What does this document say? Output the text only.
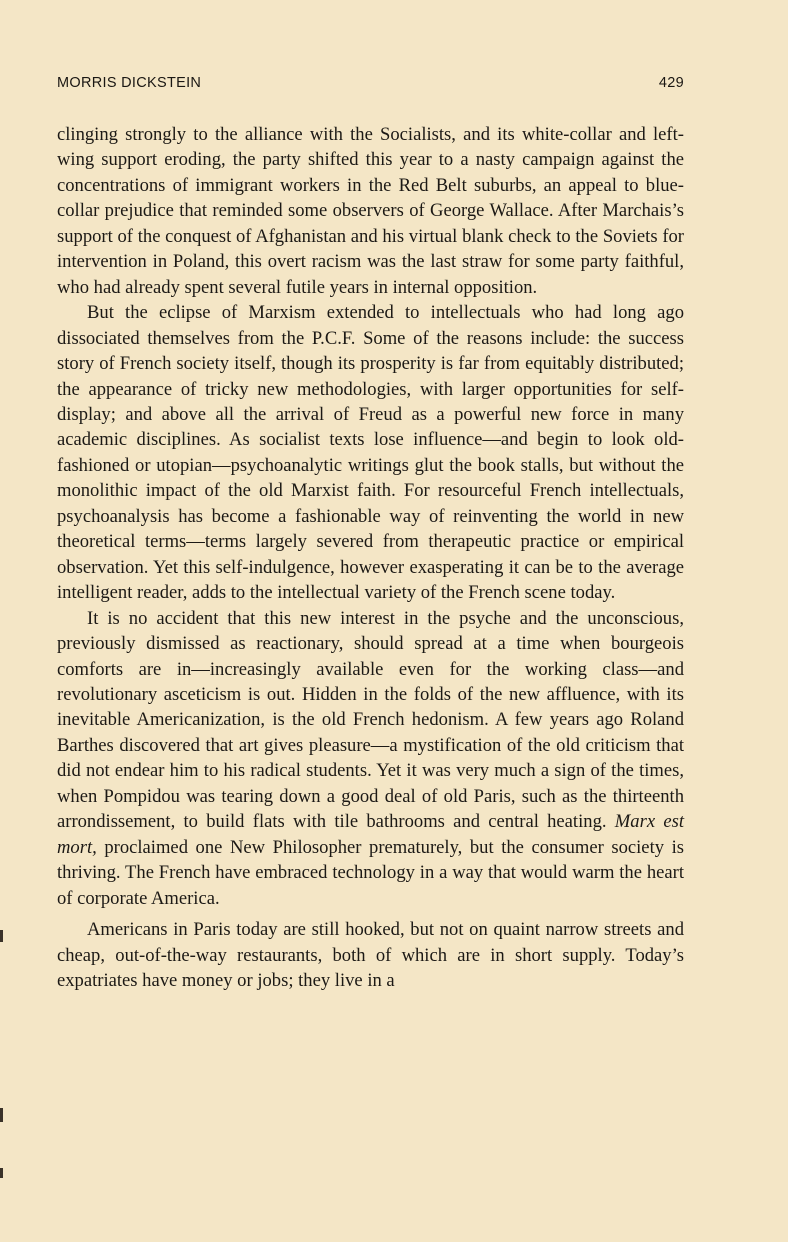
MORRIS DICKSTEIN	429

clinging strongly to the alliance with the Socialists, and its white-collar and left-wing support eroding, the party shifted this year to a nasty campaign against the concentrations of immigrant workers in the Red Belt suburbs, an appeal to blue-collar prejudice that reminded some observers of George Wallace. After Marchais’s support of the conquest of Afghanistan and his virtual blank check to the Soviets for intervention in Poland, this overt racism was the last straw for some party faithful, who had already spent several futile years in internal opposition.

But the eclipse of Marxism extended to intellectuals who had long ago dissociated themselves from the P.C.F. Some of the reasons include: the success story of French society itself, though its prosperity is far from equitably distributed; the appearance of tricky new methodologies, with larger opportunities for self-display; and above all the arrival of Freud as a powerful new force in many academic disciplines. As socialist texts lose influence—and begin to look old-fashioned or utopian—psychoanalytic writings glut the book stalls, but without the monolithic impact of the old Marxist faith. For resourceful French intellectuals, psychoanalysis has become a fashionable way of reinventing the world in new theoretical terms—terms largely severed from therapeutic practice or empirical observation. Yet this self-indulgence, however exasperating it can be to the average intelligent reader, adds to the intellectual variety of the French scene today.

It is no accident that this new interest in the psyche and the unconscious, previously dismissed as reactionary, should spread at a time when bourgeois comforts are in—increasingly available even for the working class—and revolutionary asceticism is out. Hidden in the folds of the new affluence, with its inevitable Americanization, is the old French hedonism. A few years ago Roland Barthes discovered that art gives pleasure—a mystification of the old criticism that did not endear him to his radical students. Yet it was very much a sign of the times, when Pompidou was tearing down a good deal of old Paris, such as the thirteenth arrondissement, to build flats with tile bathrooms and central heating. Marx est mort, proclaimed one New Philosopher prematurely, but the consumer society is thriving. The French have embraced technology in a way that would warm the heart of corporate America.

Americans in Paris today are still hooked, but not on quaint narrow streets and cheap, out-of-the-way restaurants, both of which are in short supply. Today’s expatriates have money or jobs; they live in a
